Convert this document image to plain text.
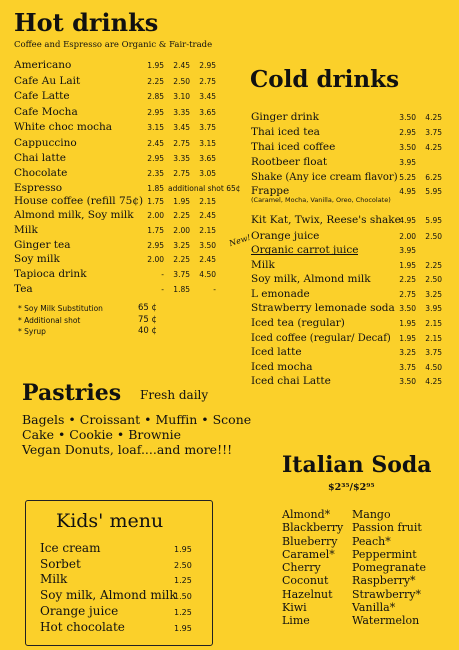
Hot drinks
Coffee and Espresso are Organic & Fair-trade
Americano	1.95	2.45	2.95
Cafe Au Lait	2.25	2.50	2.75
Cafe Latte	2.85	3.10	3.45
Cafe Mocha	2.95	3.35	3.65
White choc mocha	3.15	3.45	3.75
Cappuccino	2.45	2.75	3.15
Chai latte	2.95	3.35	3.65
Chocolate	2.35	2.75	3.05
Espresso	1.85 additional shot 65¢
House coffee (refill 75¢) 1.75	1.95	2.15
Almond milk, Soy milk	2.00	2.25	2.45
Milk	1.75	2.00	2.15
Ginger tea	2.95	3.25	3.50
Soy milk	2.00	2.25	2.45
Tapioca drink	-	3.75	4.50
Tea	-	1.85	-
* Soy Milk Substitution	65 ¢
* Additional shot	75 ¢
* Syrup	40 ¢
Cold drinks
Ginger drink	3.50	4.25
Thai iced tea	2.95	3.75
Thai iced coffee	3.50	4.25
Rootbeer float	3.95
Shake (Any ice cream flavor) 5.25	6.25
Frappe	4.95	5.95
Kit Kat, Twix, Reese's shake
4.95	5.95
Orange juice	2.00	2.50
Organic carrot juice	3.95
Milk	1.95	2.25
Soy milk, Almond milk	2.25	2.50
L emonade	2.75	3.25
Strawberry lemonade soda 3.50	3.95
Iced tea (regular)	1.95	2.15
Iced coffee (regular/ Decaf)	1.95	2.15
Iced latte	3.25	3.75
Iced mocha	3.75	4.50
Iced chai Latte	3.50	4.25
(Caramel, Mocha, Vanilla, Oreo, Chocolate)
New!
Pastries Fresh daily
Bagels • Croissant • Muffin • Scone
Cake • Cookie • Brownie
Vegan Donuts, loaf....and more!!!
Kids' menu
Ice cream	1.95
Sorbet	2.50
Milk	1.25
Soy milk, Almond milk
1.50
Orange juice	1.25
Hot chocolate	1.95
Italian Soda
$2³⁵/$2⁹⁵
Almond*
Blackberry
Blueberry
Caramel*
Cherry
Coconut
Hazelnut
Kiwi
Lime
Mango
Passion fruit
Peach*
Peppermint
Pomegranate
Raspberry*
Strawberry*
Vanilla*
Watermelon
